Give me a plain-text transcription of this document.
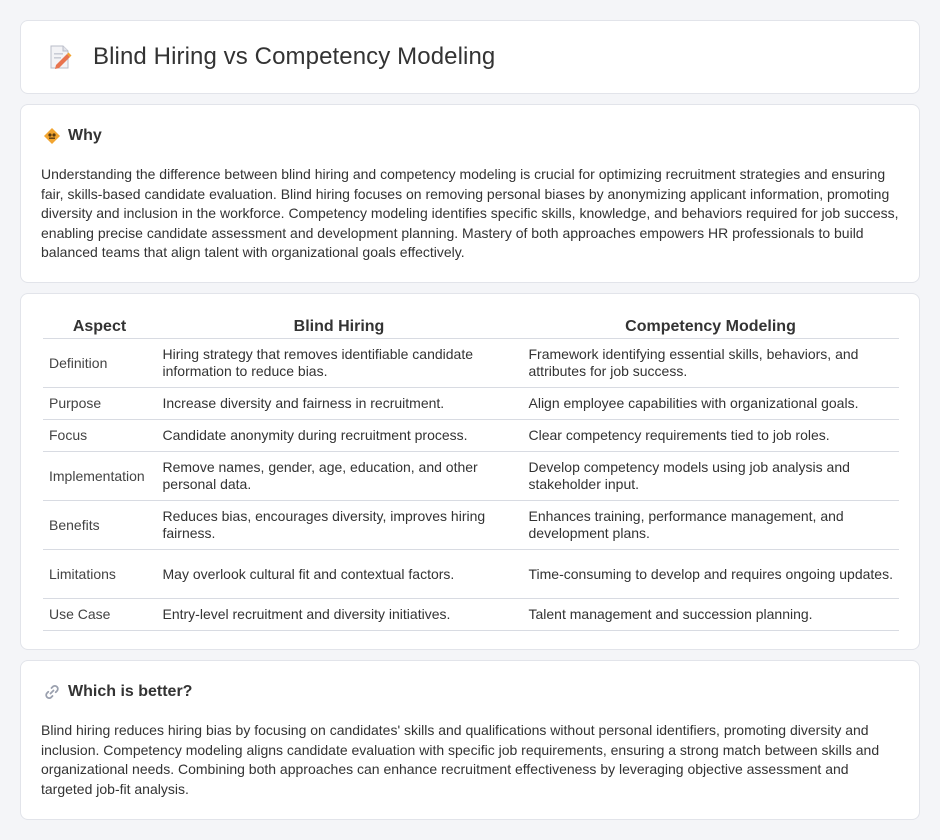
Blind Hiring vs Competency Modeling
Why

Understanding the difference between blind hiring and competency modeling is crucial for optimizing recruitment strategies and ensuring fair, skills-based candidate evaluation. Blind hiring focuses on removing personal biases by anonymizing applicant information, promoting diversity and inclusion in the workforce. Competency modeling identifies specific skills, knowledge, and behaviors required for job success, enabling precise candidate assessment and development planning. Mastery of both approaches empowers HR professionals to build balanced teams that align talent with organizational goals effectively.

Aspect	Blind Hiring	Competency Modeling
Definition	Hiring strategy that removes identifiable candidate information to reduce bias.	Framework identifying essential skills, behaviors, and attributes for job success.
Purpose	Increase diversity and fairness in recruitment.	Align employee capabilities with organizational goals.
Focus	Candidate anonymity during recruitment process.	Clear competency requirements tied to job roles.
Implementation	Remove names, gender, age, education, and other personal data.	Develop competency models using job analysis and stakeholder input.
Benefits	Reduces bias, encourages diversity, improves hiring fairness.	Enhances training, performance management, and development plans.
Limitations	May overlook cultural fit and contextual factors.	Time-consuming to develop and requires ongoing updates.
Use Case	Entry-level recruitment and diversity initiatives.	Talent management and succession planning.
Which is better?

Blind hiring reduces hiring bias by focusing on candidates' skills and qualifications without personal identifiers, promoting diversity and inclusion. Competency modeling aligns candidate evaluation with specific job requirements, ensuring a strong match between skills and organizational needs. Combining both approaches can enhance recruitment effectiveness by leveraging objective assessment and targeted job-fit analysis.
